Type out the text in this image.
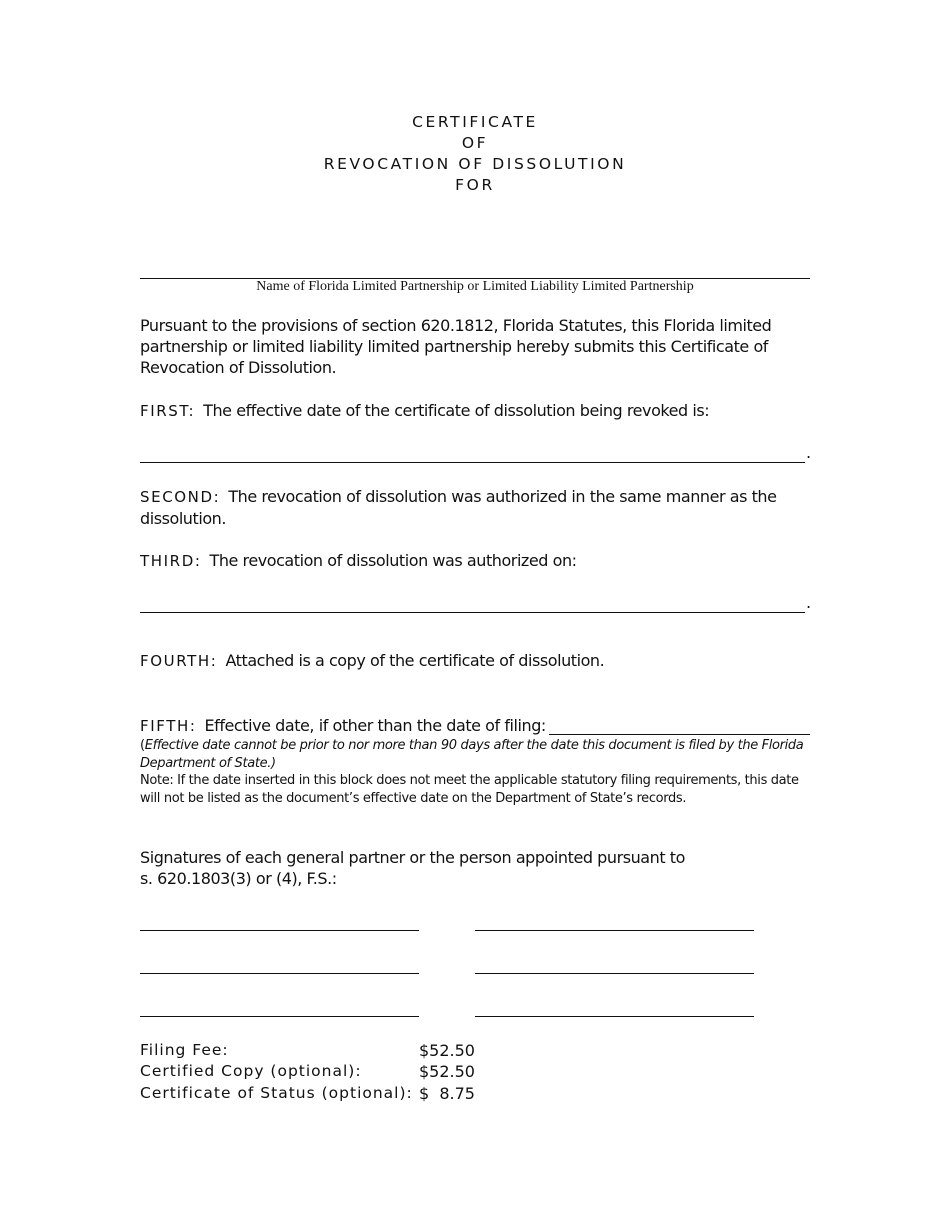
CERTIFICATE
OF
REVOCATION OF DISSOLUTION
FOR
Name of Florida Limited Partnership or Limited Liability Limited Partnership
Pursuant to the provisions of section 620.1812, Florida Statutes, this Florida limited partnership or limited liability limited partnership hereby submits this Certificate of Revocation of Dissolution.
FIRST: The effective date of the certificate of dissolution being revoked is:
.
SECOND: The revocation of dissolution was authorized in the same manner as the dissolution.
THIRD: The revocation of dissolution was authorized on:
.
FOURTH: Attached is a copy of the certificate of dissolution.
FIFTH: Effective date, if other than the date of filing:
(Effective date cannot be prior to nor more than 90 days after the date this document is filed by the Florida Department of State.)
Note: If the date inserted in this block does not meet the applicable statutory filing requirements, this date will not be listed as the document’s effective date on the Department of State’s records.
Signatures of each general partner or the person appointed pursuant to
s. 620.1803(3) or (4), F.S.:
Filing Fee:	$52.50
Certified Copy (optional):	$52.50
Certificate of Status (optional): $  8.75
